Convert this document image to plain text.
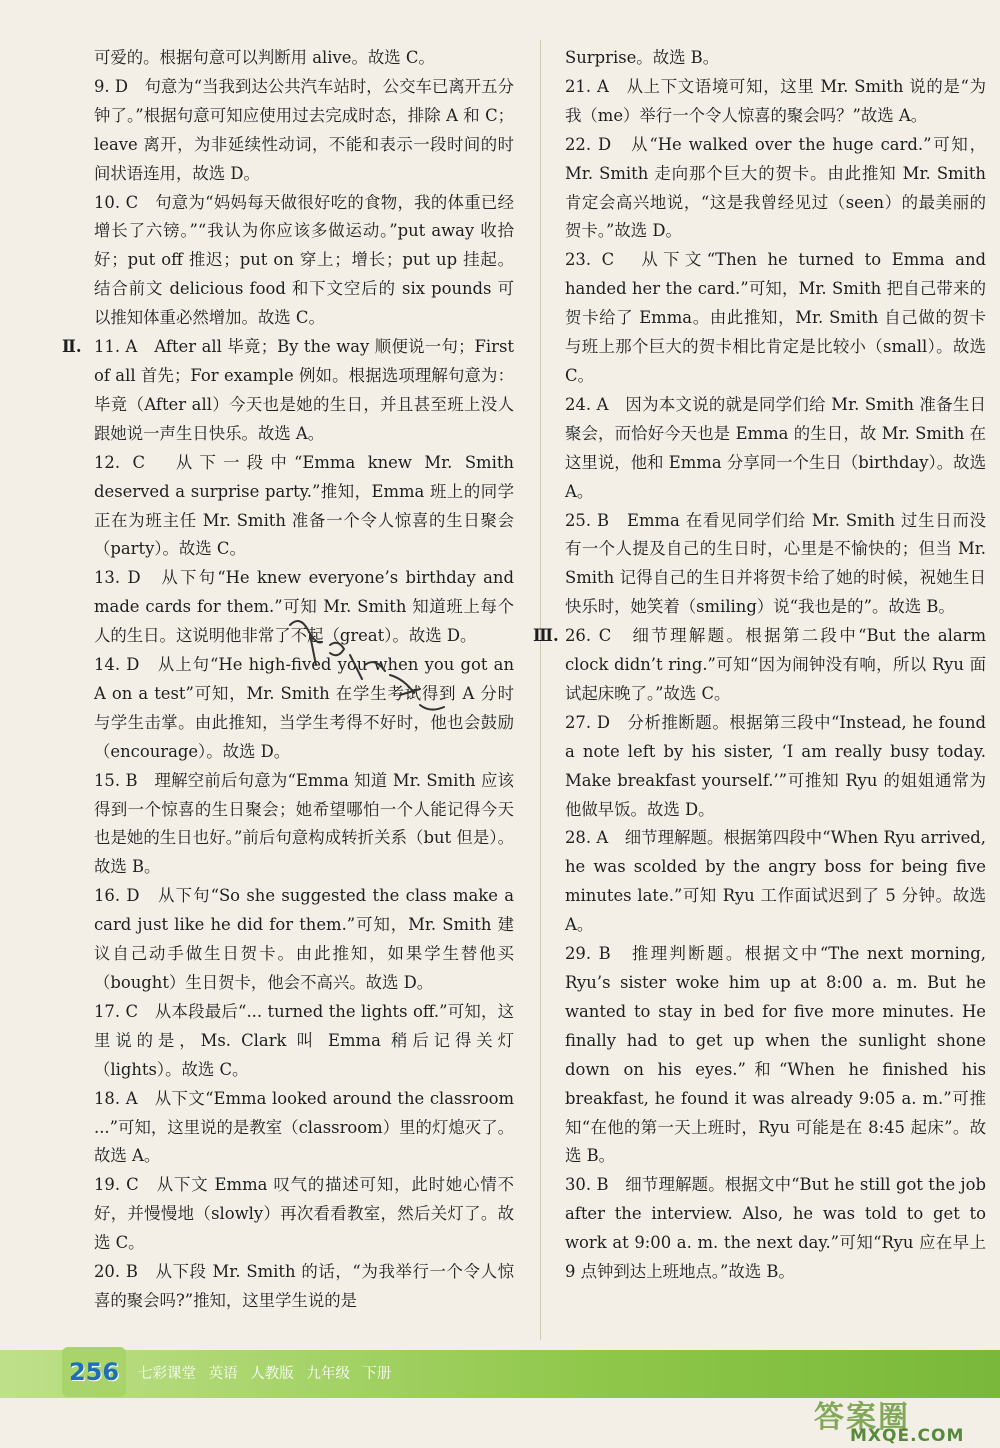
可爱的。根据句意可以判断用 alive。故选 C。

9. D　句意为“当我到达公共汽车站时，公交车已离开五分钟了。”根据句意可知应使用过去完成时态，排除 A 和 C；leave 离开，为非延续性动词，不能和表示一段时间的时间状语连用，故选 D。

10. C　句意为“妈妈每天做很好吃的食物，我的体重已经增长了六镑。”“我认为你应该多做运动。”put away 收拾好；put off 推迟；put on 穿上；增长；put up 挂起。结合前文 delicious food 和下文空后的 six pounds 可以推知体重必然增加。故选 C。

Ⅱ. 11. A　After all 毕竟；By the way 顺便说一句；First of all 首先；For example 例如。根据选项理解句意为：毕竟（After all）今天也是她的生日，并且甚至班上没人跟她说一声生日快乐。故选 A。

12. C　从下一段中“Emma knew Mr. Smith deserved a surprise party.”推知，Emma 班上的同学正在为班主任 Mr. Smith 准备一个令人惊喜的生日聚会（party）。故选 C。

13. D　从下句“He knew everyone’s birthday and made cards for them.”可知 Mr. Smith 知道班上每个人的生日。这说明他非常了不起（great）。故选 D。

14. D　从上句“He high-fived you when you got an A on a test”可知，Mr. Smith 在学生考试得到 A 分时与学生击掌。由此推知，当学生考得不好时，他也会鼓励（encourage）。故选 D。

15. B　理解空前后句意为“Emma 知道 Mr. Smith 应该得到一个惊喜的生日聚会；她希望哪怕一个人能记得今天也是她的生日也好。”前后句意构成转折关系（but 但是）。故选 B。

16. D　从下句“So she suggested the class make a card just like he did for them.”可知，Mr. Smith 建议自己动手做生日贺卡。由此推知，如果学生替他买（bought）生日贺卡，他会不高兴。故选 D。

17. C　从本段最后“... turned the lights off.”可知，这里说的是，Ms. Clark 叫 Emma 稍后记得关灯（lights）。故选 C。

18. A　从下文“Emma looked around the classroom ...”可知，这里说的是教室（classroom）里的灯熄灭了。故选 A。

19. C　从下文 Emma 叹气的描述可知，此时她心情不好，并慢慢地（slowly）再次看看教室，然后关灯了。故选 C。

20. B　从下段 Mr. Smith 的话，“为我举行一个令人惊喜的聚会吗?”推知，这里学生说的是

Surprise。故选 B。

21. A　从上下文语境可知，这里 Mr. Smith 说的是“为我（me）举行一个令人惊喜的聚会吗？”故选 A。

22. D　从“He walked over the huge card.”可知，Mr. Smith 走向那个巨大的贺卡。由此推知 Mr. Smith 肯定会高兴地说，“这是我曾经见过（seen）的最美丽的贺卡。”故选 D。

23. C　从下文“Then he turned to Emma and handed her the card.”可知，Mr. Smith 把自己带来的贺卡给了 Emma。由此推知，Mr. Smith 自己做的贺卡与班上那个巨大的贺卡相比肯定是比较小（small）。故选 C。

24. A　因为本文说的就是同学们给 Mr. Smith 准备生日聚会，而恰好今天也是 Emma 的生日，故 Mr. Smith 在这里说，他和 Emma 分享同一个生日（birthday）。故选 A。

25. B　Emma 在看见同学们给 Mr. Smith 过生日而没有一个人提及自己的生日时，心里是不愉快的；但当 Mr. Smith 记得自己的生日并将贺卡给了她的时候，祝她生日快乐时，她笑着（smiling）说“我也是的”。故选 B。

Ⅲ. 26. C　细节理解题。根据第二段中“But the alarm clock didn’t ring.”可知“因为闹钟没有响，所以 Ryu 面试起床晚了。”故选 C。

27. D　分析推断题。根据第三段中“Instead, he found a note left by his sister, ‘I am really busy today. Make breakfast yourself.’”可推知 Ryu 的姐姐通常为他做早饭。故选 D。

28. A　细节理解题。根据第四段中“When Ryu arrived, he was scolded by the angry boss for being five minutes late.”可知 Ryu 工作面试迟到了 5 分钟。故选 A。

29. B　推理判断题。根据文中“The next morning, Ryu’s sister woke him up at 8:00 a. m. But he wanted to stay in bed for five more minutes. He finally had to get up when the sunlight shone down on his eyes.”和“When he finished his breakfast, he found it was already 9:05 a. m.”可推知“在他的第一天上班时，Ryu 可能是在 8:45 起床”。故选 B。

30. B　细节理解题。根据文中“But he still got the job after the interview. Also, he was told to get to work at 9:00 a. m. the next day.”可知“Ryu 应在早上 9 点钟到达上班地点。”故选 B。

256	七彩课堂 英语 人教版 九年级 下册
答案圈
MXQE.COM
